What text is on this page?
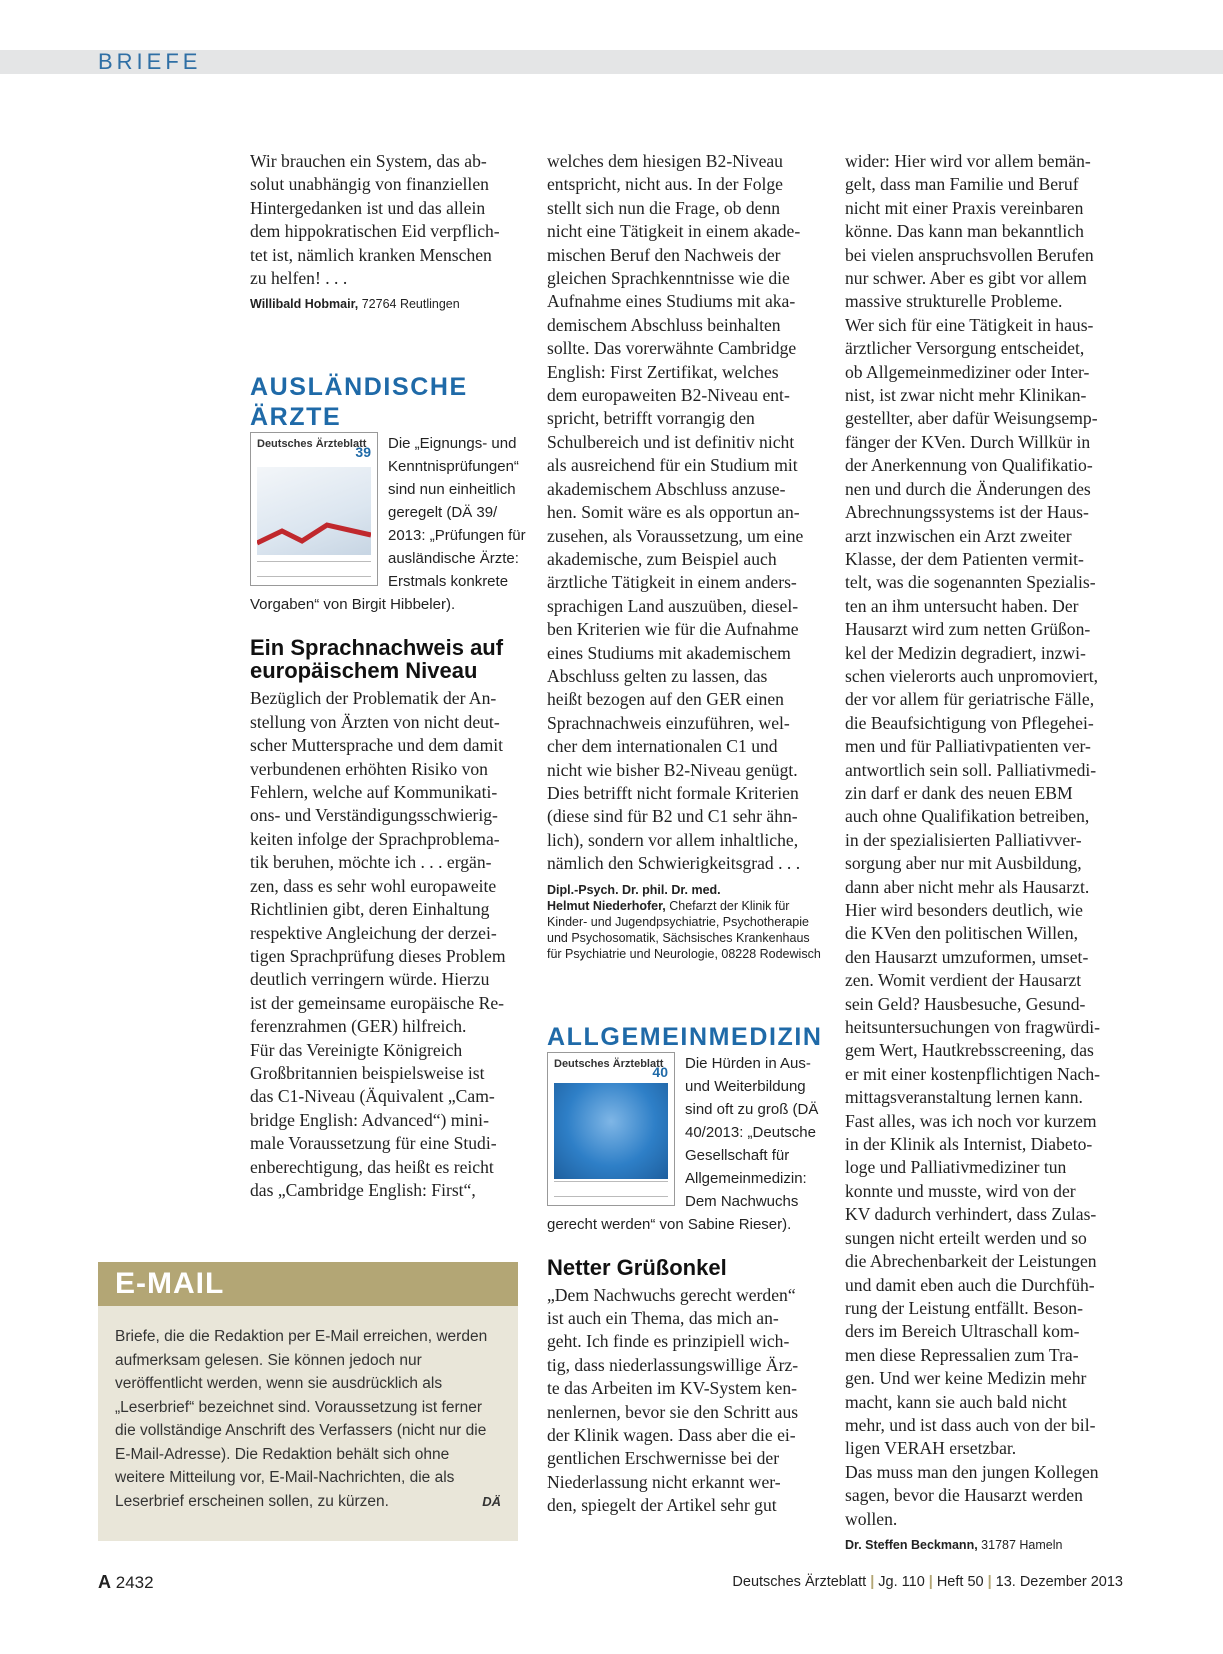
BRIEFE
Wir brauchen ein System, das ab-
solut unabhängig von finanziellen
Hintergedanken ist und das allein
dem hippokratischen Eid verpflich-
tet ist, nämlich kranken Menschen
zu helfen! . . .

Willibald Hobmair, 72764 Reutlingen

AUSLÄNDISCHE ÄRZTE
Deutsches Ärzteblatt
39 Die „Eignungs- und Kenntnisprüfungen“ sind nun einheitlich geregelt (DÄ 39/ 2013: „Prüfungen für ausländische Ärzte: Erstmals konkrete Vorgaben“ von Birgit Hibbeler).

Ein Sprachnachweis auf europäischem Niveau

Bezüglich der Problematik der An-
stellung von Ärzten von nicht deut-
scher Muttersprache und dem damit
verbundenen erhöhten Risiko von
Fehlern, welche auf Kommunikati-
ons- und Verständigungsschwierig-
keiten infolge der Sprachproblema-
tik beruhen, möchte ich . . . ergän-
zen, dass es sehr wohl europaweite
Richtlinien gibt, deren Einhaltung
respektive Angleichung der derzei-
tigen Sprachprüfung dieses Problem
deutlich verringern würde. Hierzu
ist der gemeinsame europäische Re-
ferenzrahmen (GER) hilfreich.
Für das Vereinigte Königreich
Großbritannien beispielsweise ist
das C1-Niveau (Äquivalent „Cam-
bridge English: Advanced“) mini-
male Voraussetzung für eine Studi-
enberechtigung, das heißt es reicht
das „Cambridge English: First“,
welches dem hiesigen B2-Niveau
entspricht, nicht aus. In der Folge
stellt sich nun die Frage, ob denn
nicht eine Tätigkeit in einem akade-
mischen Beruf den Nachweis der
gleichen Sprachkenntnisse wie die
Aufnahme eines Studiums mit aka-
demischem Abschluss beinhalten
sollte. Das vorerwähnte Cambridge
English: First Zertifikat, welches
dem europaweiten B2-Niveau ent-
spricht, betrifft vorrangig den
Schulbereich und ist definitiv nicht
als ausreichend für ein Studium mit
akademischem Abschluss anzuse-
hen. Somit wäre es als opportun an-
zusehen, als Voraussetzung, um eine
akademische, zum Beispiel auch
ärztliche Tätigkeit in einem anders-
sprachigen Land auszuüben, diesel-
ben Kriterien wie für die Aufnahme
eines Studiums mit akademischem
Abschluss gelten zu lassen, das
heißt bezogen auf den GER einen
Sprachnachweis einzuführen, wel-
cher dem internationalen C1 und
nicht wie bisher B2-Niveau genügt.
Dies betrifft nicht formale Kriterien
(diese sind für B2 und C1 sehr ähn-
lich), sondern vor allem inhaltliche,
nämlich den Schwierigkeitsgrad . . .

Dipl.-Psych. Dr. phil. Dr. med.
Helmut Niederhofer, Chefarzt der Klinik für Kinder- und Jugendpsychiatrie, Psychotherapie und Psychosomatik, Sächsisches Krankenhaus für Psychiatrie und Neurologie, 08228 Rodewisch

ALLGEMEINMEDIZIN
Deutsches Ärzteblatt
40 Die Hürden in Aus- und Weiterbildung sind oft zu groß (DÄ 40/2013: „Deutsche Gesellschaft für Allgemeinmedizin: Dem Nachwuchs gerecht werden“ von Sabine Rieser).

Netter Grüßonkel

„Dem Nachwuchs gerecht werden“
ist auch ein Thema, das mich an-
geht. Ich finde es prinzipiell wich-
tig, dass niederlassungswillige Ärz-
te das Arbeiten im KV-System ken-
nenlernen, bevor sie den Schritt aus
der Klinik wagen. Dass aber die ei-
gentlichen Erschwernisse bei der
Niederlassung nicht erkannt wer-
den, spiegelt der Artikel sehr gut
wider: Hier wird vor allem bemän-
gelt, dass man Familie und Beruf
nicht mit einer Praxis vereinbaren
könne. Das kann man bekanntlich
bei vielen anspruchsvollen Berufen
nur schwer. Aber es gibt vor allem
massive strukturelle Probleme.
Wer sich für eine Tätigkeit in haus-
ärztlicher Versorgung entscheidet,
ob Allgemeinmediziner oder Inter-
nist, ist zwar nicht mehr Klinikan-
gestellter, aber dafür Weisungsemp-
fänger der KVen. Durch Willkür in
der Anerkennung von Qualifikatio-
nen und durch die Änderungen des
Abrechnungssystems ist der Haus-
arzt inzwischen ein Arzt zweiter
Klasse, der dem Patienten vermit-
telt, was die sogenannten Spezialis-
ten an ihm untersucht haben. Der
Hausarzt wird zum netten Grüßon-
kel der Medizin degradiert, inzwi-
schen vielerorts auch unpromoviert,
der vor allem für geriatrische Fälle,
die Beaufsichtigung von Pflegehei-
men und für Palliativpatienten ver-
antwortlich sein soll. Palliativmedi-
zin darf er dank des neuen EBM
auch ohne Qualifikation betreiben,
in der spezialisierten Palliativver-
sorgung aber nur mit Ausbildung,
dann aber nicht mehr als Hausarzt.
Hier wird besonders deutlich, wie
die KVen den politischen Willen,
den Hausarzt umzuformen, umset-
zen. Womit verdient der Hausarzt
sein Geld? Hausbesuche, Gesund-
heitsuntersuchungen von fragwürdi-
gem Wert, Hautkrebsscreening, das
er mit einer kostenpflichtigen Nach-
mittagsveranstaltung lernen kann.
Fast alles, was ich noch vor kurzem
in der Klinik als Internist, Diabeto-
loge und Palliativmediziner tun
konnte und musste, wird von der
KV dadurch verhindert, dass Zulas-
sungen nicht erteilt werden und so
die Abrechenbarkeit der Leistungen
und damit eben auch die Durchfüh-
rung der Leistung entfällt. Beson-
ders im Bereich Ultraschall kom-
men diese Repressalien zum Tra-
gen. Und wer keine Medizin mehr
macht, kann sie auch bald nicht
mehr, und ist dass auch von der bil-
ligen VERAH ersetzbar.
Das muss man den jungen Kollegen
sagen, bevor die Hausarzt werden
wollen.

Dr. Steffen Beckmann, 31787 Hameln

E-MAIL
Briefe, die die Redaktion per E-Mail erreichen, werden aufmerksam gelesen. Sie können jedoch nur veröffentlicht werden, wenn sie ausdrücklich als „Leserbrief“ bezeichnet sind. Voraussetzung ist ferner die vollständige Anschrift des Verfassers (nicht nur die E-Mail-Adresse). Die Redaktion behält sich ohne weitere Mitteilung vor, E-Mail-Nachrichten, die als Leserbrief erscheinen sollen, zu kürzen.	DÄ
A 2432	Deutsches Ärzteblatt | Jg. 110 | Heft 50 | 13. Dezember 2013
